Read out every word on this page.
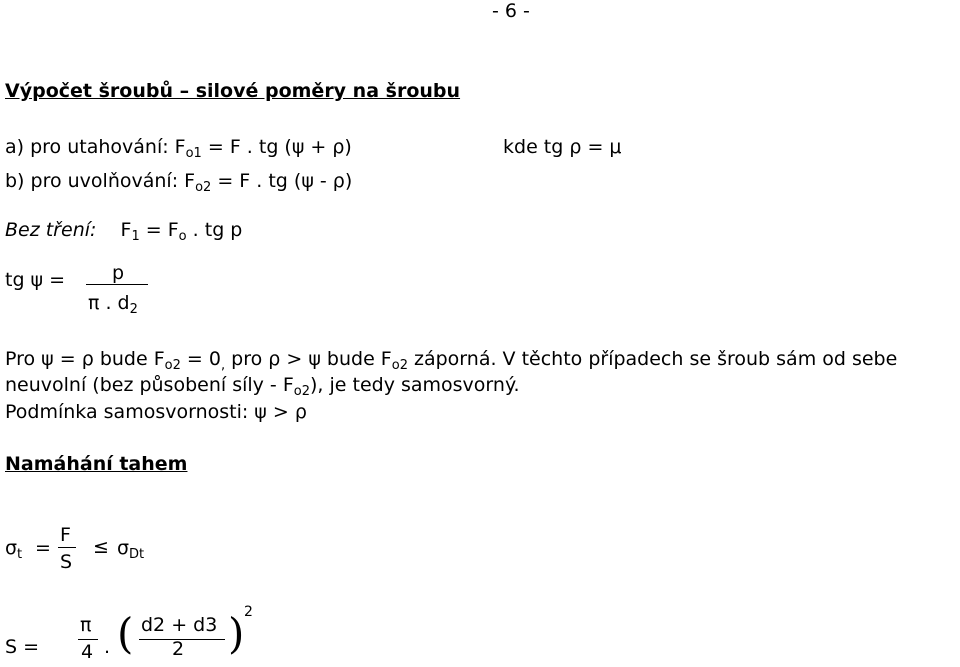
- 6 -
Výpočet šroubů – silové poměry na šroubu
a) pro utahování: $F_{o1} = F$ . tg (ψ + ρ)	kde tg ρ = μ
b) pro uvolňování: $F_{o2} = F$ . tg (ψ - ρ)
Bez tření: $F_1 = F_o$ . tg p
tg ψ = p
π . $d_2$
Pro ψ = ρ bude $F_{o2} = 0_,$ pro ρ > ψ bude $F_{o2}$ záporná. V těchto případech se šroub sám od sebe
neuvolní (bez působení síly - $F_{o2}$), je tedy samosvorný.
Podmínka samosvornosti: ψ > ρ
Namáhání tahem
$\sigma_t$ =
F
S
≤ $\sigma_{Dt}$
S =
π
4 . ( d2 + d3
2 ) 2
